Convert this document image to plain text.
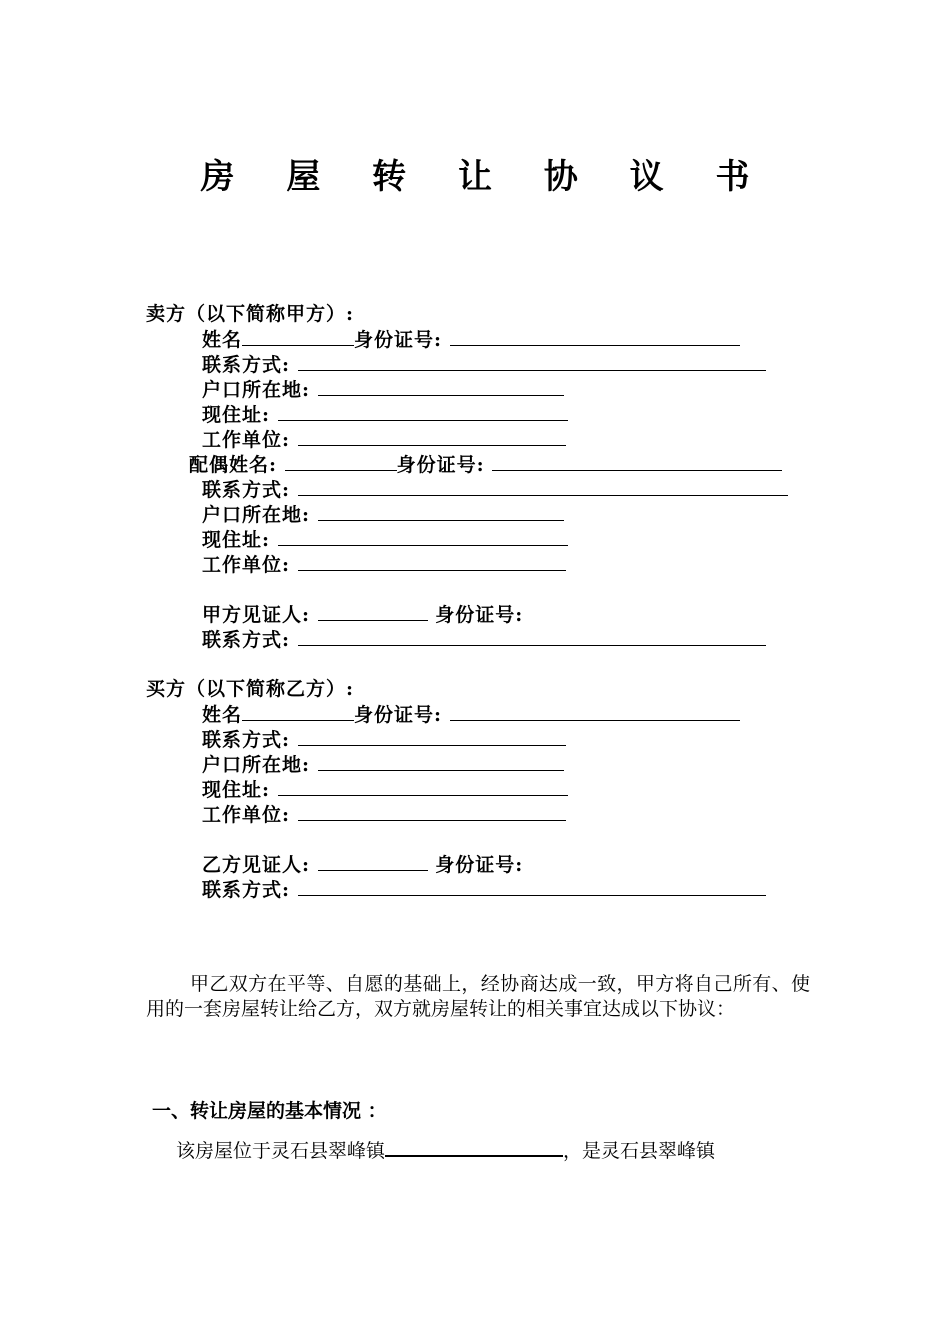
房 屋 转 让 协 议 书
卖方（以下简称甲方）:
姓名	身份证号:
联系方式:
户口所在地:
现住址:
工作单位:
配偶姓名:	身份证号:
联系方式:
户口所在地:
现住址:
工作单位:
甲方见证人:	身份证号:
联系方式:
买方（以下简称乙方）:
姓名	身份证号:
联系方式:
户口所在地:
现住址:
工作单位:
乙方见证人:	身份证号:
联系方式:
甲乙双方在平等、自愿的基础上，经协商达成一致，甲方将自己所有、使用的一套房屋转让给乙方，双方就房屋转让的相关事宜达成以下协议：
一、转让房屋的基本情况 ：
该房屋位于灵石县翠峰镇	，是灵石县翠峰镇
